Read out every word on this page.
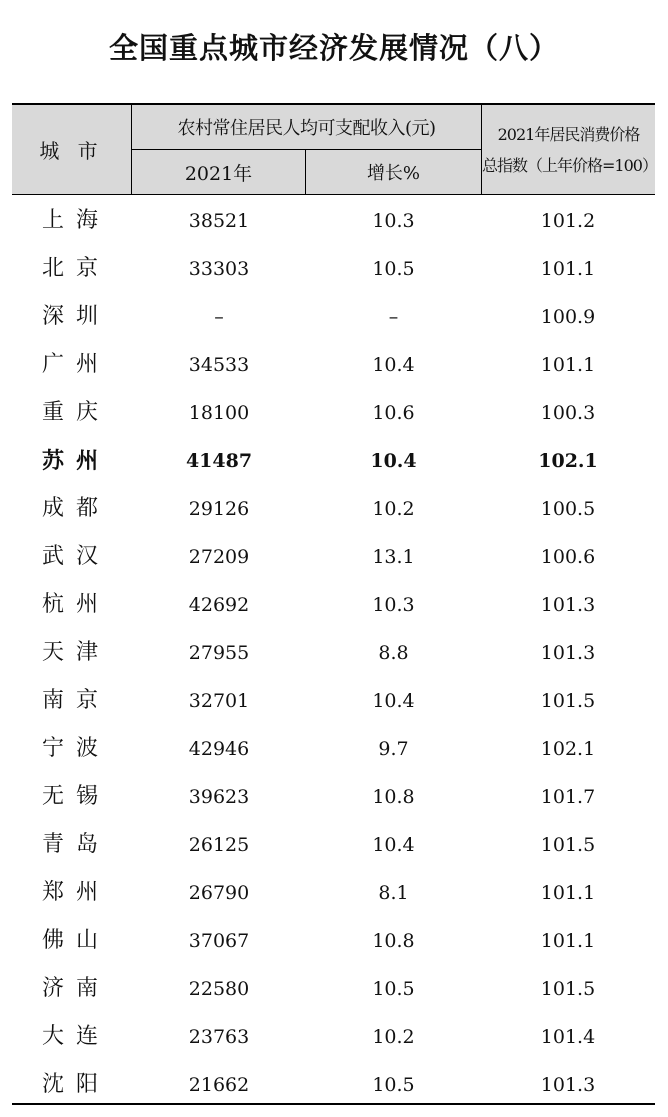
全国重点城市经济发展情况（八）
城 市
农村常住居民人均可支配收入(元)
2021年	增长%
2021年居民消费价格
总指数（上年价格=100）
上海	38521	10.3	101.2
北京	33303	10.5	101.1
深圳	–	–	100.9
广州	34533	10.4	101.1
重庆	18100	10.6	100.3
苏州	41487	10.4	102.1
成都	29126	10.2	100.5
武汉	27209	13.1	100.6
杭州	42692	10.3	101.3
天津	27955	8.8	101.3
南京	32701	10.4	101.5
宁波	42946	9.7	102.1
无锡	39623	10.8	101.7
青岛	26125	10.4	101.5
郑州	26790	8.1	101.1
佛山	37067	10.8	101.1
济南	22580	10.5	101.5
大连	23763	10.2	101.4
沈阳	21662	10.5	101.3
